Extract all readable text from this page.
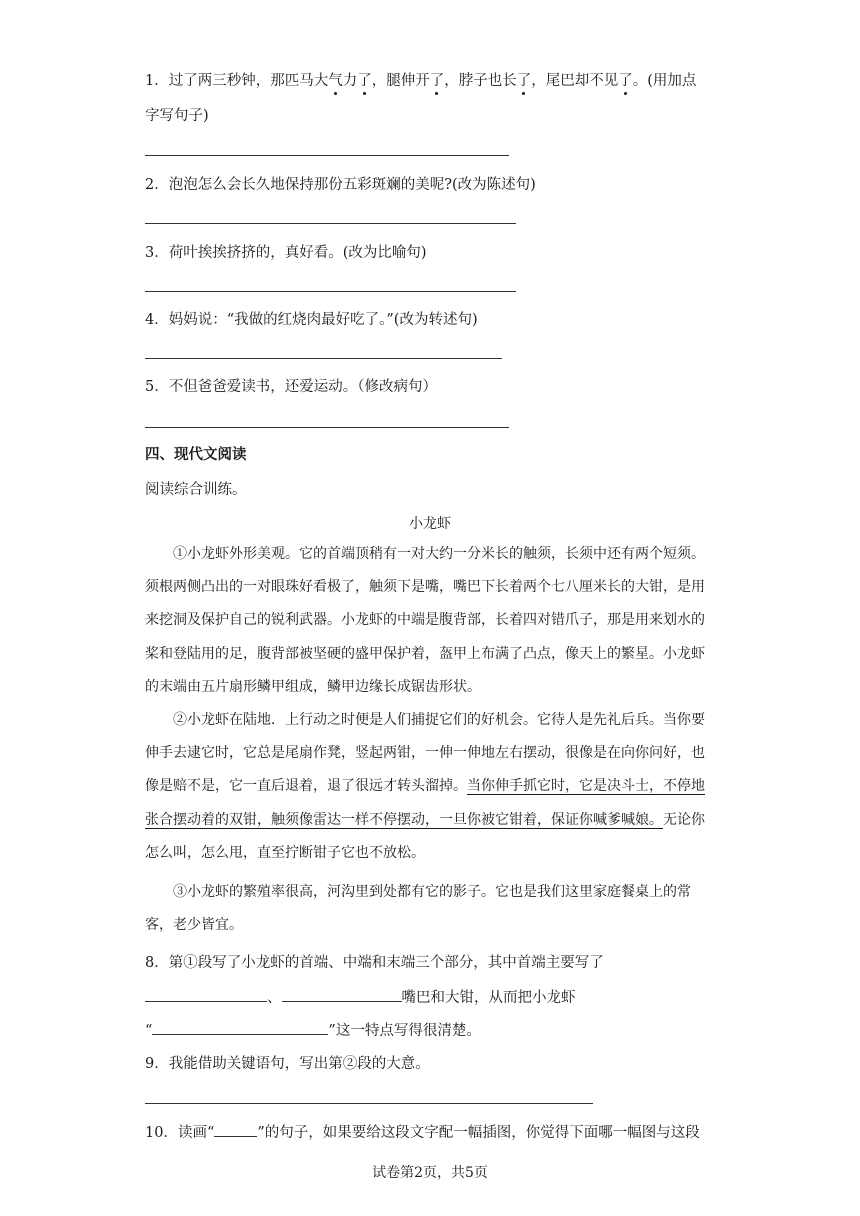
1．过了两三秒钟，那匹马大气力了，腿伸开了，脖子也长了，尾巴却不见了。(用加点
字写句子)
2．泡泡怎么会长久地保持那份五彩斑斓的美呢?(改为陈述句)
3．荷叶挨挨挤挤的，真好看。(改为比喻句)
4．妈妈说：“我做的红烧肉最好吃了。”(改为转述句)
5．不但爸爸爱读书，还爱运动。（修改病句）
四、现代文阅读
阅读综合训练。
小龙虾
①小龙虾外形美观。它的首端顶稍有一对大约一分米长的触须，长须中还有两个短须。须根两侧凸出的一对眼珠好看极了，触须下是嘴，嘴巴下长着两个七八厘米长的大钳，是用来挖洞及保护自己的锐利武器。小龙虾的中端是腹背部，长着四对错爪子，那是用来划水的桨和登陆用的足，腹背部被坚硬的盛甲保护着，盔甲上布满了凸点，像天上的繁星。小龙虾的末端由五片扇形鳞甲组成，鳞甲边缘长成锯齿形状。
②小龙虾在陆地．上行动之时便是人们捕捉它们的好机会。它待人是先礼后兵。当你要伸手去逮它时，它总是尾扇作凳，竖起两钳，一伸一伸地左右摆动，很像是在向你问好，也像是赔不是，它一直后退着，退了很远才转头溜掉。当你伸手抓它时，它是决斗士，不停地张合摆动着的双钳，触须像雷达一样不停摆动，一旦你被它钳着，保证你喊爹喊娘。无论你怎么叫，怎么甩，直至拧断钳子它也不放松。
③小龙虾的繁殖率很高，河沟里到处都有它的影子。它也是我们这里家庭餐桌上的常客，老少皆宜。
8．第①段写了小龙虾的首端、中端和末端三个部分，其中首端主要写了
、	嘴巴和大钳，从而把小龙虾
“	”这一特点写得很清楚。
9．我能借助关键语句，写出第②段的大意。
10．读画“	”的句子，如果要给这段文字配一幅插图，你觉得下面哪一幅图与这段
试卷第2页，共5页
